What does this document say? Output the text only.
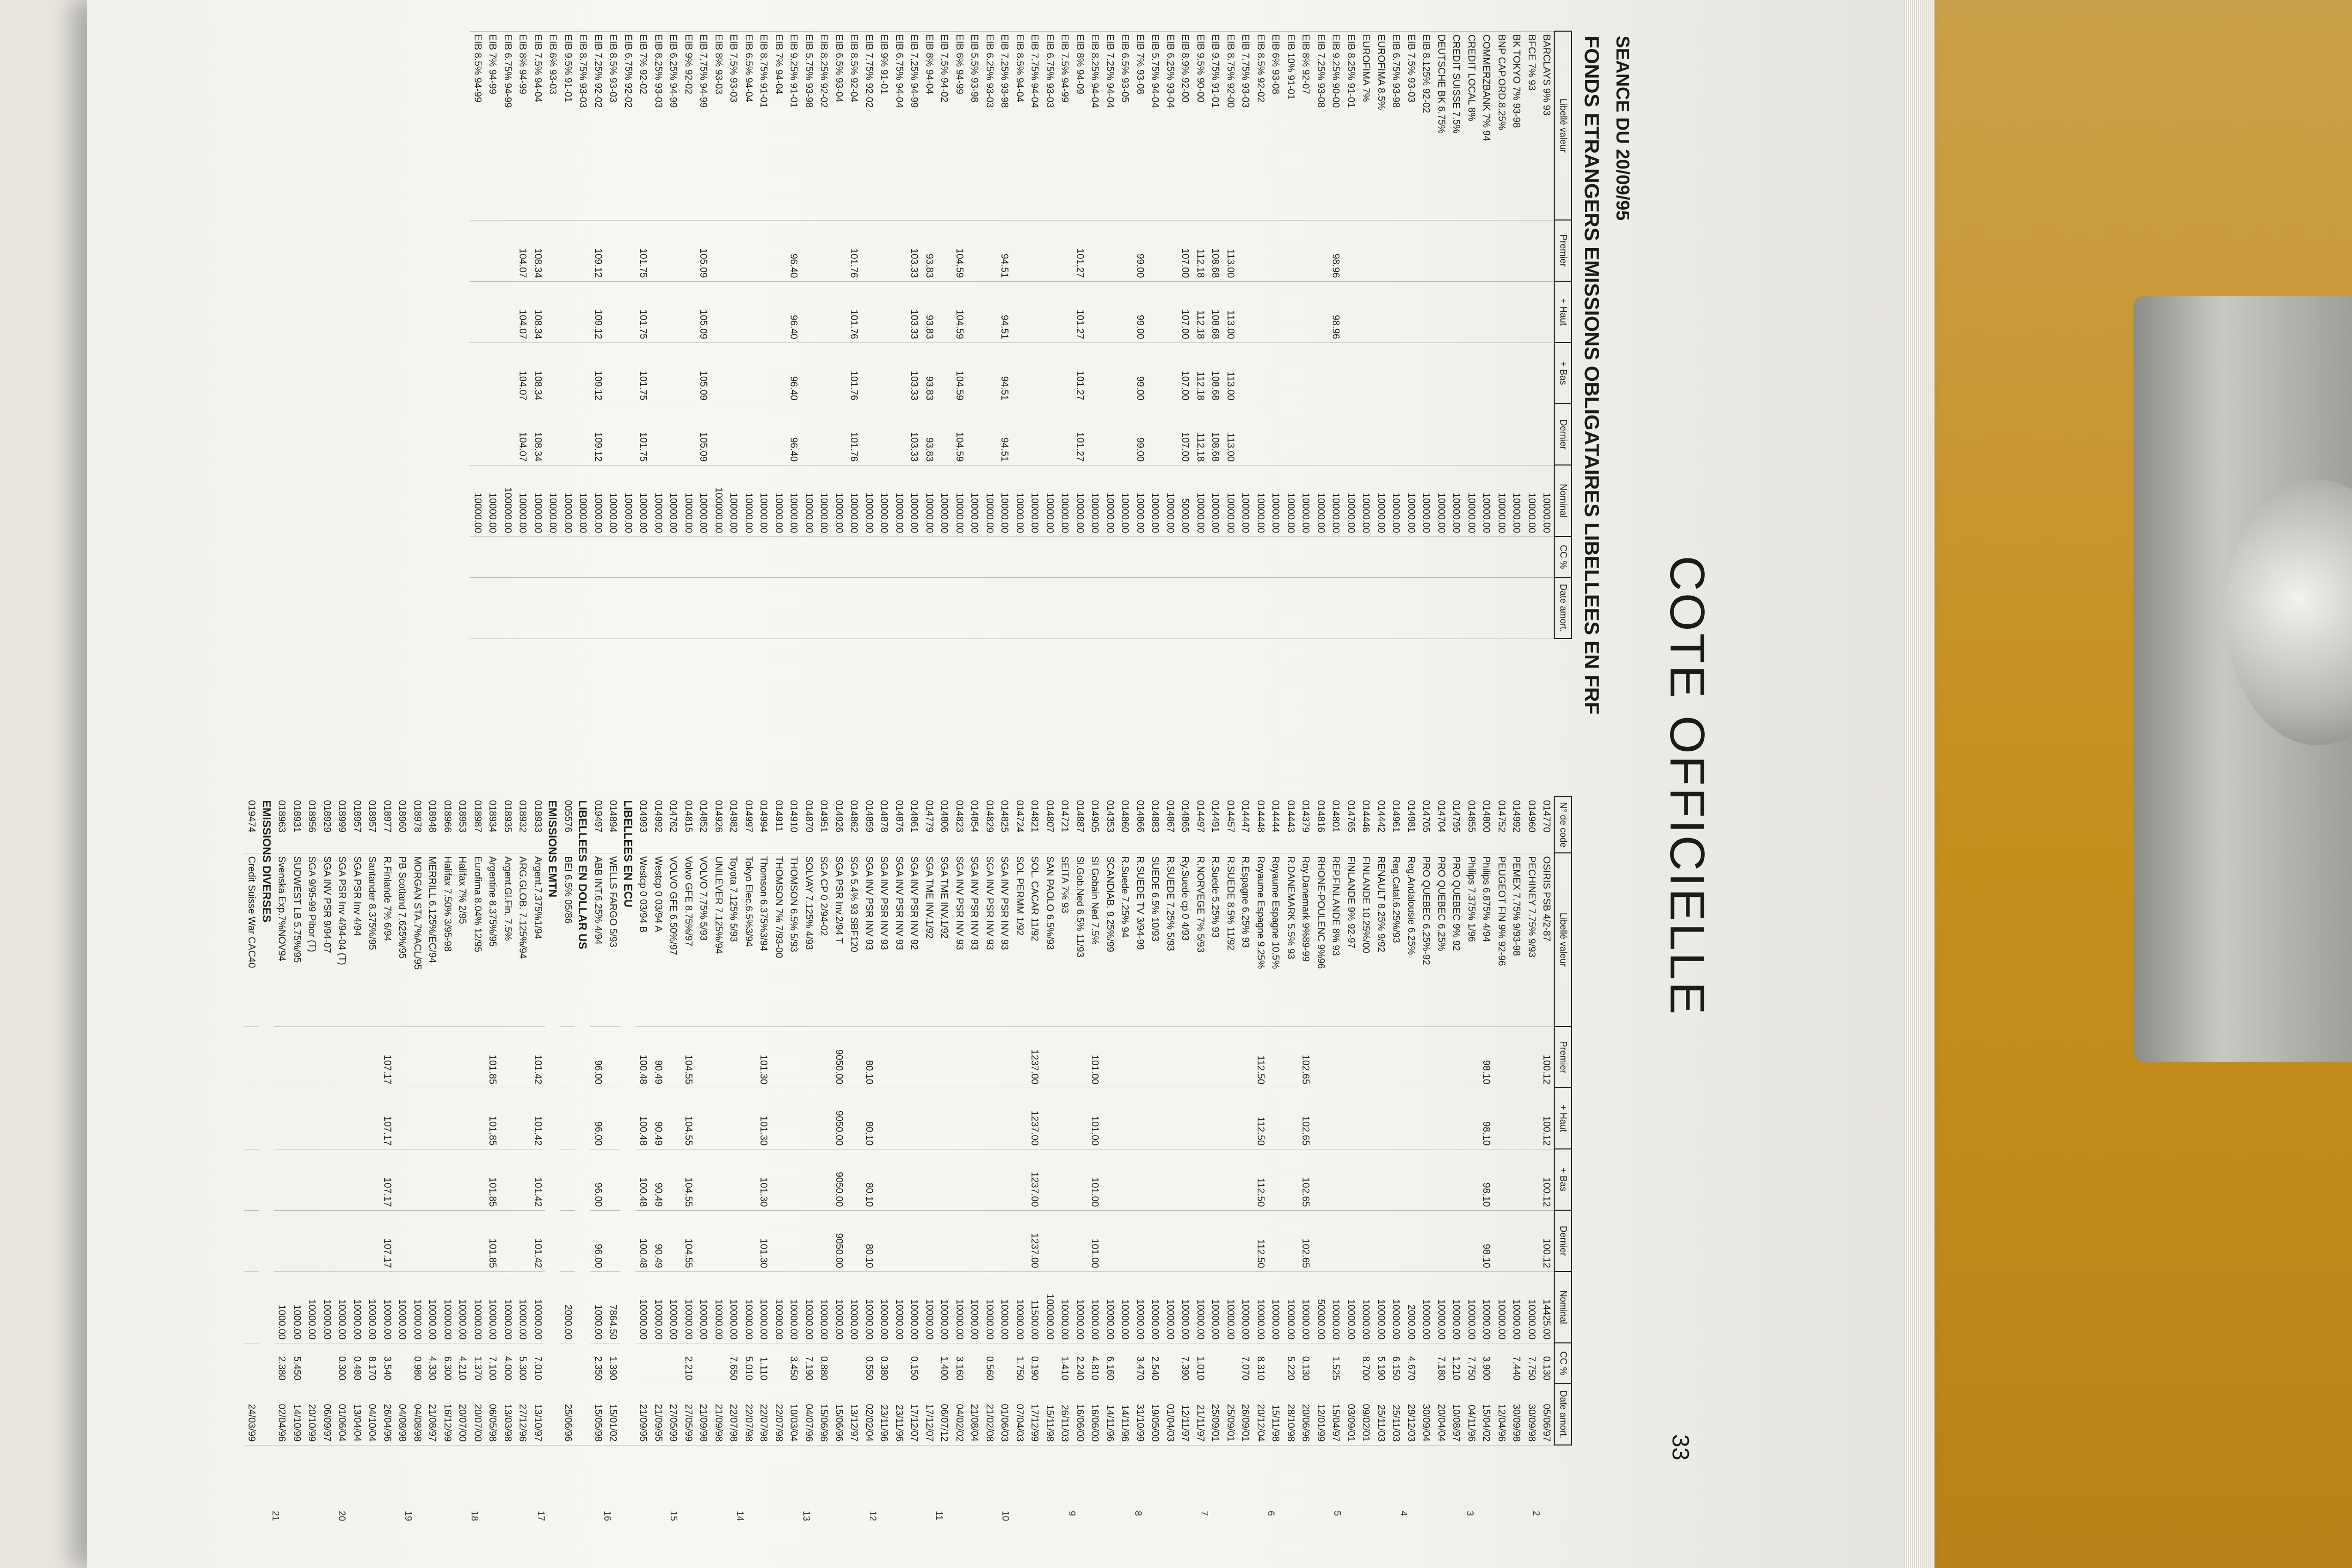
COTE OFFICIELLE
33
SEANCE DU 20/09/95
FONDS ETRANGERS EMISSIONS OBLIGATAIRES LIBELLEES EN FRF
Libellé valeur	Premier	+ Haut	+ Bas	Dernier	Nominal	CC %	Date amort.
BARCLAYS 9% 93					10000.00		
BFCE 7% 93					10000.00		
BK TOKYO 7% 93-98					10000.00		
BNP CAP.ORD.8.25%					10000.00		
COMMERZBANK 7% 94					10000.00		
CREDIT LOCAL 8%					10000.00		
CREDIT SUISSE 7.5%					10000.00		
DEUTSCHE BK 6.75%					10000.00		
EIB 8.125% 92-02					10000.00		
EIB 7.5% 93-03					10000.00		
EIB 6.75% 93-98					10000.00		
EUROFIMA 8.5%					10000.00		
EUROFIMA 7%					10000.00		
EIB 8.25% 91-01					10000.00		
EIB 9.25% 90-00	98.96	98.96			10000.00		
EIB 7.25% 93-08					10000.00		
EIB 8% 92-07					10000.00		
EIB 10% 91-01					10000.00		
EIB 6% 93-08					10000.00		
EIB 8.5% 92-02					10000.00		
EIB 7.75% 93-03					10000.00		
EIB 8.75% 92-00	113.00	113.00	113.00	113.00	10000.00		
EIB 9.75% 91-01	108.68	108.68	108.68	108.68	10000.00		
EIB 9.5% 90-00	112.18	112.18	112.18	112.18	10000.00		
EIB 8.9% 92-00	107.00	107.00	107.00	107.00	5000.00		
EIB 6.25% 93-04					10000.00		
EIB 5.75% 94-04					10000.00		
EIB 7% 93-08	99.00	99.00	99.00	99.00	10000.00		
EIB 6.5% 93-05					10000.00		
EIB 7.25% 94-04					10000.00		
EIB 8.25% 94-04					10000.00		
EIB 8% 94-09	101.27	101.27	101.27	101.27	10000.00		
EIB 7.5% 94-99					10000.00		
EIB 6.75% 93-03					10000.00		
EIB 7.75% 94-04					10000.00		
EIB 8.5% 94-04					10000.00		
EIB 7.25% 93-98	94.51	94.51	94.51	94.51	10000.00		
EIB 6.25% 93-03					10000.00		
EIB 5.5% 93-98					10000.00		
EIB 6% 94-99	104.59	104.59	104.59	104.59	10000.00		
EIB 7.5% 94-02					10000.00		
EIB 8% 94-04	93.83	93.83	93.83	93.83	10000.00		
EIB 7.25% 94-99	103.33	103.33	103.33	103.33	10000.00		
EIB 6.75% 94-04					10000.00		
EIB 9% 91-01					10000.00		
EIB 7.75% 92-02					10000.00		
EIB 8.5% 92-04	101.76	101.76	101.76	101.76	10000.00		
EIB 6.5% 93-04					10000.00		
EIB 8.25% 92-02					10000.00		
EIB 5.75% 93-98					10000.00		
EIB 9.25% 91-01	96.40	96.40	96.40	96.40	10000.00		
EIB 7% 94-04					10000.00		
EIB 8.75% 91-01					10000.00		
EIB 6.5% 94-04					10000.00		
EIB 7.5% 93-03					10000.00		
EIB 8% 93-03					100000.00		
EIB 7.75% 94-99	105.09	105.09	105.09	105.09	10000.00		
EIB 9% 92-02					10000.00		
EIB 6.25% 94-99					10000.00		
EIB 8.25% 93-03					10000.00		
EIB 7% 92-02	101.75	101.75	101.75	101.75	10000.00		
EIB 6.75% 92-02					10000.00		
EIB 8.5% 93-03					10000.00		
EIB 7.25% 92-02	109.12	109.12	109.12	109.12	10000.00		
EIB 8.75% 93-03					10000.00		
EIB 9.5% 91-01					10000.00		
EIB 6% 93-03					10000.00		
EIB 7.5% 94-04	108.34	108.34	108.34	108.34	10000.00		
EIB 8% 94-99	104.07	104.07	104.07	104.07	10000.00		
EIB 6.75% 94-99					100000.00		
EIB 7% 94-99					10000.00		
EIB 8.5% 94-99					10000.00		
N° de code	Libellé valeur	Premier	+ Haut	+ Bas	Dernier	Nominal	CC %	Date amort.
014770	OSIRIS PSB 4/2-87	100.12	100.12	100.12	100.12	14425.00	0.130	05/06/97
014960	PECHINEY 7.75% 9/93					10000.00	7.750	30/09/98
014992	PEMEX 7.75% 9/93-98					10000.00	7.440	30/09/98
014752	PEUGEOT FIN 9% 92-96					10000.00		12/04/96
014800	Philips 6.875% 4/94	98.10	98.10	98.10	98.10	10000.00	3.900	15/04/02
014855	Philips 7.375% 1/96					10000.00	7.750	04/11/96
014795	PRO QUEBEC 9% 92					10000.00	1.210	10/08/97
014704	PRO QUEBEC 6.25%					10000.00	7.180	20/04/04
014705	PRO QUEBEC 6.25%-92					10000.00		30/09/04
014981	Reg.Andalousie 6.25%					2000.00	4.670	29/12/03
014961	Reg.Catal.6.25%/93					10000.00	6.150	25/11/03
014442	RENAULT 8.25% 9/92					10000.00	5.190	25/11/03
014446	FINLANDE 10.25%/00					10000.00	8.700	09/02/01
014765	FINLANDE 9% 92-97					10000.00		03/09/01
014801	REP.FINLANDE 8% 93					10000.00	1.525	15/04/97
014816	RHONE-POULENC 9%96					50000.00		12/01/99
014379	Roy.Danemark 9%89-99	102.65	102.65	102.65	102.65	10000.00	0.130	20/06/96
014443	R.DANEMARK 5.5% 93					10000.00	5.220	28/10/98
014444	Royaume Espagne 10.5%					10000.00		15/11/98
014448	Royaume Espagne 9.25%	112.50	112.50	112.50	112.50	10000.00	8.310	20/12/04
014447	R.Espagne 6.25% 93					10000.00	7.070	26/09/01
014457	R.SUEDE 8.5% 11/92					10000.00		25/09/01
014491	R.Suede 5.25% 93					10000.00		25/09/01
014497	R.NORVEGE 7% 5/93					10000.00	1.010	21/11/97
014865	Ry.Suede cp 0 4/93					10000.00	7.390	12/11/97
014867	R.SUEDE 7.25% 5/93					10000.00		01/04/03
014883	SUEDE 6.5% 10/93					10000.00	2.540	19/05/00
014866	R.SUEDE TV 3/94-99					10000.00	3.470	31/10/99
014860	R.Suede 7.25% 94					10000.00		14/11/96
014353	SCANDIAB. 9.25%/99					10000.00	6.160	14/11/96
014905	SI Gobain Ned 7.5%	101.00	101.00	101.00	101.00	10000.00	4.810	16/06/00
014887	Sl.Gob.Ned 6.5% 11/93					10000.00	2.240	16/06/00
014721	SEITA 7% 93					10000.00	1.410	26/11/03
014807	SAN PAOLO 6.5%/93					100000.00		15/11/98
014821	SOL. CACAR 11/92	1237.00	1237.00	1237.00	1237.00	11500.00	0.190	17/12/99
014724	SOL PERMM 1/92					10000.00	1.750	07/04/03
014825	SGA INV PSR INV 93					10000.00		01/06/03
014829	SGA INV PSR INV 93					10000.00	0.560	21/02/08
014854	SGA INV PSR INV 93					10000.00		21/08/04
014823	SGA INV PSR INV 93					10000.00	3.160	04/02/02
014806	SGA TME INV.1/92					10000.00	1.400	06/07/12
014779	SGA TME INV.1/92					10000.00		17/12/07
014861	SGA INV PSR INV 92					10000.00	0.150	17/12/07
014876	SGA INV PSR INV 93					10000.00		23/11/96
014878	SGA INV PSR INV 93					10000.00	0.380	23/11/96
014859	SGA INV PSR INV 93	80.10	80.10	80.10	80.10	10000.00	0.550	02/02/04
014862	SGA 5.4% 93 SBF120					10000.00		13/12/97
014926	SGA PSR Inv.2/94 T	9050.00	9050.00	9050.00	9050.00	10000.00		15/06/96
014951	SGA CP 0 2/94-02					10000.00	0.880	15/06/96
014870	SOLVAY 7.125% 4/93					10000.00	7.190	04/07/96
014910	THOMSON 6.5% 5/93					10000.00	3.450	10/03/04
014911	THOMSON 7% 7/93-00					10000.00		22/07/98
014994	Thomson 6.375%3/94	101.30	101.30	101.30	101.30	10000.00	1.110	22/07/98
014997	Tokyo Elec.6.5%3/94					10000.00	5.010	22/07/98
014982	Toyota 7.125% 5/93					10000.00	7.650	22/07/98
014926	UNILEVER 7.125%/94					10000.00		21/09/98
014852	VOLVO 7.75% 5/93					10000.00		21/09/98
014815	Volvo GFE 8.75%/97	104.55	104.55	104.55	104.55	10000.00	2.210	27/05/99
014762	VOLVO GFE 6.50%/97					10000.00		27/05/99
014992	Westcp 0 03/94 A	90.49	90.49	90.49	90.49	10000.00		21/09/95
014993	Westcp 0 03/94 B	100.48	100.48	100.48	100.48	10000.00		21/09/95
LIBELLEES EN ECU								
014894	WELLS FARGO 5/93					7864.50	1.390	15/01/02
019497	ABB INT.6.25% 4/94	96.00	96.00	96.00	96.00	1000.00	2.350	15/05/98
LIBELLEES EN DOLLAR US								
005576	BEI 6.5% 05/86					2000.00		25/06/96
EMISSIONS EMTN								
018933	Argent.7.375%1/94	101.42	101.42	101.42	101.42	10000.00	7.010	13/10/97
018932	ARG.GLOB. 7.125%/94					10000.00	5.300	27/12/96
018935	Argent.Gl.Fin. 7.5%					10000.00	4.000	13/03/98
018934	Argentine 8.375%/95	101.85	101.85	101.85	101.85	10000.00	7.100	06/05/98
018987	Eurofima 8.04% 12/95					10000.00	1.370	20/07/00
018953	Halifax 7% 2/95					10000.00	4.210	20/07/00
018966	Halifax 7.50% 3/95-98					10000.00	6.300	16/12/99
018948	MERRILL 6.125%/EC/94					10000.00	4.330	21/08/97
018978	MORGAN STA.7%ACL/95					10000.00	0.980	04/08/98
018960	PB Scotland 7.625%/95					10000.00		04/08/98
018977	R.Finlande 7% 6/94	107.17	107.17	107.17	107.17	10000.00	3.540	26/04/96
018957	Santander 8.375%/95					10000.00	8.170	04/10/04
018957	SGA PSR Inv 4/94					10000.00	0.480	13/04/04
018999	SGA PSR Inv 4/94-04 (T)					10000.00	0.300	01/06/04
018929	SGA INV PSR 9/94-07					10000.00		06/09/97
018956	SGA 9/95-99 Pibor (T)					10000.00		20/10/99
018931	SUDWEST LB 5.75%/95					1000.00	5.450	14/10/99
018963	Svenska Exp.7%NOV94					1000.00	2.380	02/04/96
EMISSIONS DIVERSES								
019474	Credit Suisse War CAC40							24/03/99
2
3
4
5
6
7
8
9
10
11
12
13
14
15
16
17
18
19
20
21
